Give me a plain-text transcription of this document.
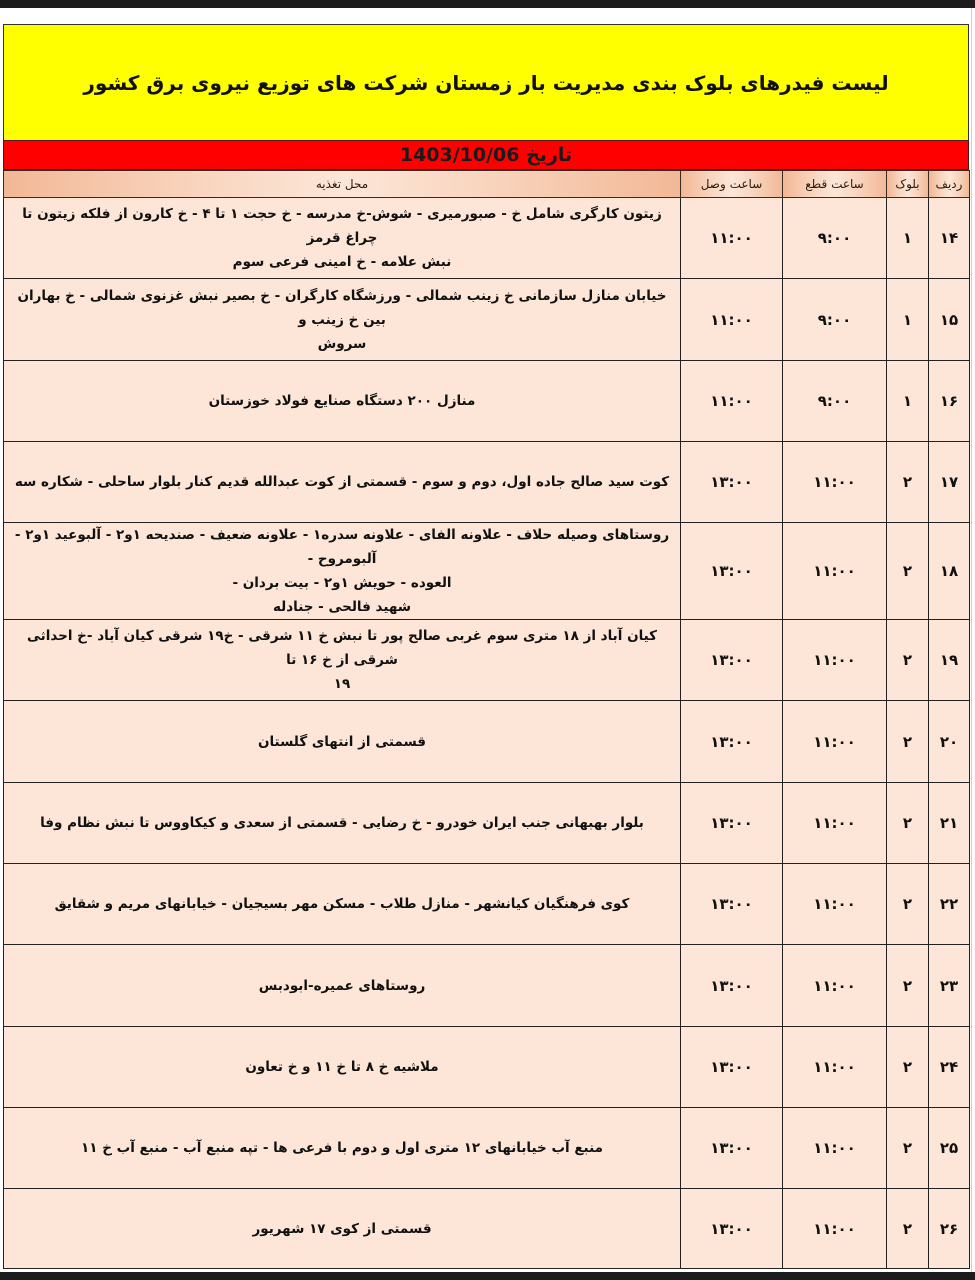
لیست فیدرهای بلوک بندی مدیریت بار زمستان شرکت های توزیع نیروی برق کشور
تاریخ 1403/10/06
ردیف	بلوک	ساعت قطع	ساعت وصل	محل تغذیه
۱۴	۱	۹:۰۰	۱۱:۰۰	زیتون کارگری شامل خ - صبورمیری - شوش-خ مدرسه - خ حجت ۱ تا ۴ - خ کارون از فلکه زیتون تا چراغ قرمز
نبش علامه - خ امینی فرعی سوم

۱۵	۱	۹:۰۰	۱۱:۰۰	خیابان منازل سازمانی خ زینب شمالی - ورزشگاه کارگران - خ بصیر نبش غزنوی شمالی - خ بهاران بین خ زینب و
سروش

۱۶	۱	۹:۰۰	۱۱:۰۰	منازل ۲۰۰ دستگاه صنایع فولاد خوزستان

۱۷	۲	۱۱:۰۰	۱۳:۰۰	کوت سید صالح جاده اول، دوم و سوم - قسمتی از کوت عبدالله قدیم کنار بلوار ساحلی - شکاره سه

۱۸	۲	۱۱:۰۰	۱۳:۰۰	روستاهای وصیله حلاف - علاونه الفای - علاونه سدره۱ - علاونه ضعیف - صندیحه ۱و۲ - آلبوعید ۱و۲ - آلبومروح -
العوده - حویش ۱و۲ - بیت بردان -
شهید فالحی - جنادله

۱۹	۲	۱۱:۰۰	۱۳:۰۰	کیان آباد از ۱۸ متری سوم غربی صالح پور تا نبش خ ۱۱ شرقی - خ۱۹ شرقی کیان آباد -خ احداثی شرقی از خ ۱۶ تا
۱۹

۲۰	۲	۱۱:۰۰	۱۳:۰۰	قسمتی از انتهای گلستان

۲۱	۲	۱۱:۰۰	۱۳:۰۰	بلوار بهبهانی جنب ایران خودرو - خ رضایی - قسمتی از سعدی و کیکاووس تا نبش نظام وفا

۲۲	۲	۱۱:۰۰	۱۳:۰۰	کوی فرهنگیان کیانشهر - منازل طلاب - مسکن مهر بسیجیان - خیابانهای مریم و شقایق

۲۳	۲	۱۱:۰۰	۱۳:۰۰	روستاهای عمیره-ابودبس

۲۴	۲	۱۱:۰۰	۱۳:۰۰	ملاشیه خ ۸ تا خ ۱۱ و خ تعاون

۲۵	۲	۱۱:۰۰	۱۳:۰۰	منبع آب خیابانهای ۱۲ متری اول و دوم با فرعی ها - تپه منبع آب - منبع آب خ ۱۱

۲۶	۲	۱۱:۰۰	۱۳:۰۰	قسمتی از کوی ۱۷ شهریور
